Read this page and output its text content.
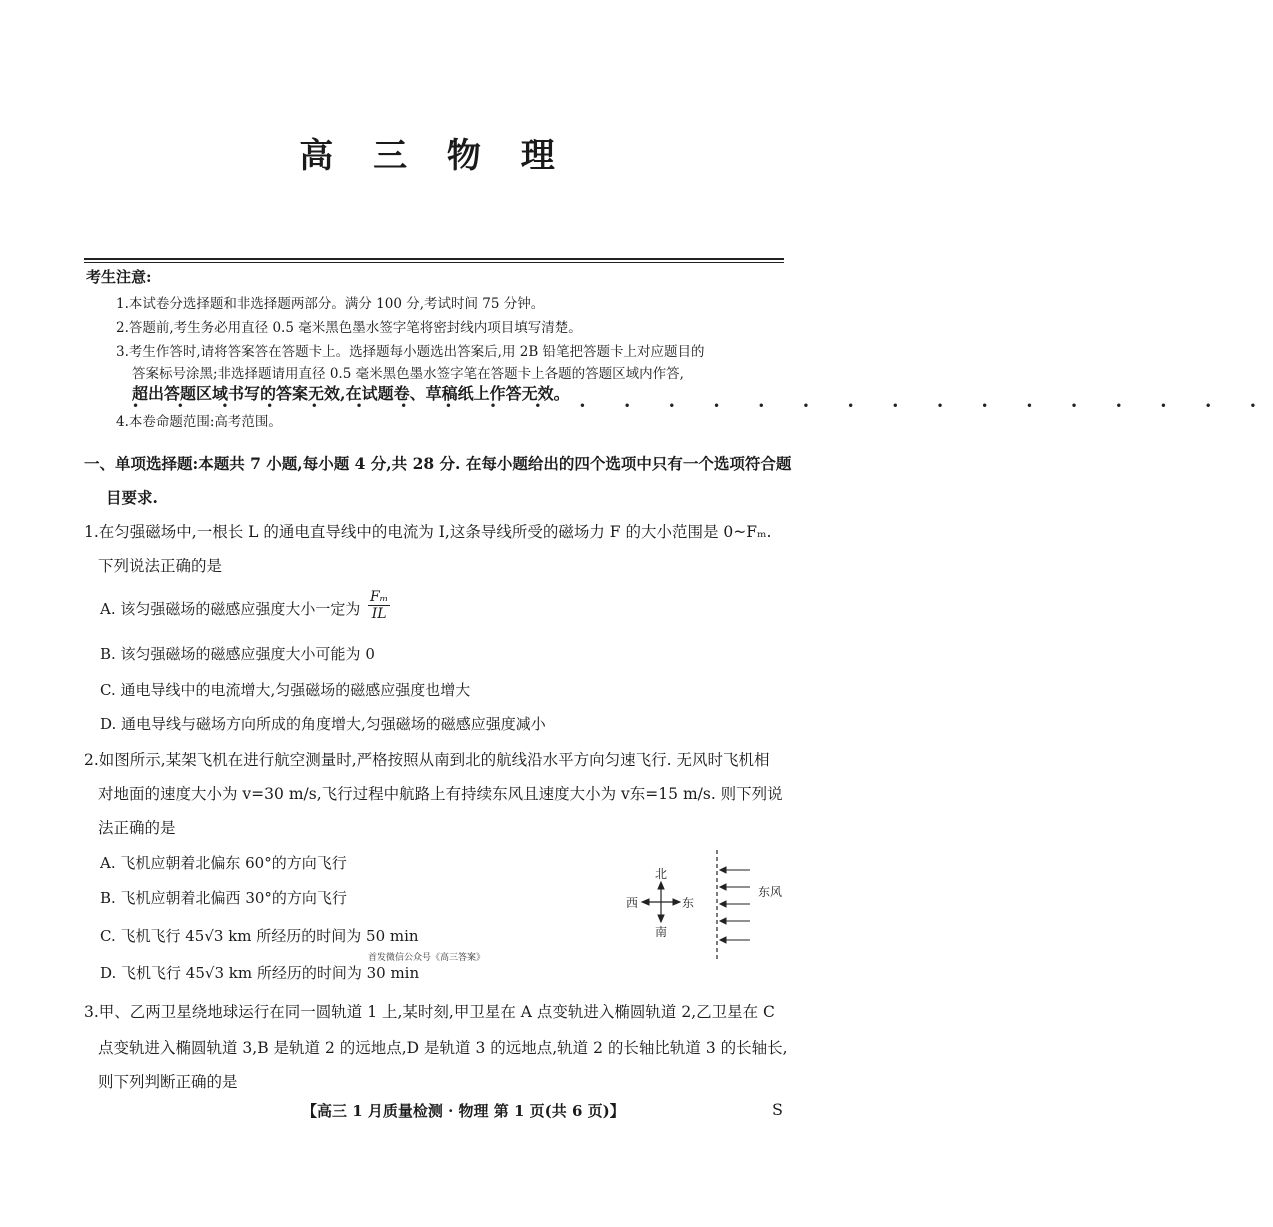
高 三 物 理
考生注意:
1.本试卷分选择题和非选择题两部分。满分 100 分,考试时间 75 分钟。
2.答题前,考生务必用直径 0.5 毫米黑色墨水签字笔将密封线内项目填写清楚。
3.考生作答时,请将答案答在答题卡上。选择题每小题选出答案后,用 2B 铅笔把答题卡上对应题目的
答案标号涂黑;非选择题请用直径 0.5 毫米黑色墨水签字笔在答题卡上各题的答题区域内作答,
超出答题区域书写的答案无效,在试题卷、草稿纸上作答无效。
• • • • • • • • • • • • • • • • • • • • • • • • • •
4.本卷命题范围:高考范围。
一、单项选择题:本题共 7 小题,每小题 4 分,共 28 分. 在每小题给出的四个选项中只有一个选项符合题
目要求.
1.在匀强磁场中,一根长 L 的通电直导线中的电流为 I,这条导线所受的磁场力 F 的大小范围是 0~Fₘ.
下列说法正确的是
A. 该匀强磁场的磁感应强度大小一定为 $\frac{\text{Fₘ}}{IL}$
B. 该匀强磁场的磁感应强度大小可能为 0
C. 通电导线中的电流增大,匀强磁场的磁感应强度也增大
D. 通电导线与磁场方向所成的角度增大,匀强磁场的磁感应强度减小
2.如图所示,某架飞机在进行航空测量时,严格按照从南到北的航线沿水平方向匀速飞行. 无风时飞机相
对地面的速度大小为 v=30 m/s,飞行过程中航路上有持续东风且速度大小为 v东=15 m/s. 则下列说
法正确的是
A. 飞机应朝着北偏东 60°的方向飞行
B. 飞机应朝着北偏西 30°的方向飞行
C. 飞机飞行 45√3 km 所经历的时间为 50 min
D. 飞机飞行 45√3 km 所经历的时间为 30 min
北
南
西	东
东风
首发微信公众号《高三答案》
3.甲、乙两卫星绕地球运行在同一圆轨道 1 上,某时刻,甲卫星在 A 点变轨进入椭圆轨道 2,乙卫星在 C
点变轨进入椭圆轨道 3,B 是轨道 2 的远地点,D 是轨道 3 的远地点,轨道 2 的长轴比轨道 3 的长轴长,
则下列判断正确的是
【高三 1 月质量检测 · 物理 第 1 页(共 6 页)】	S
